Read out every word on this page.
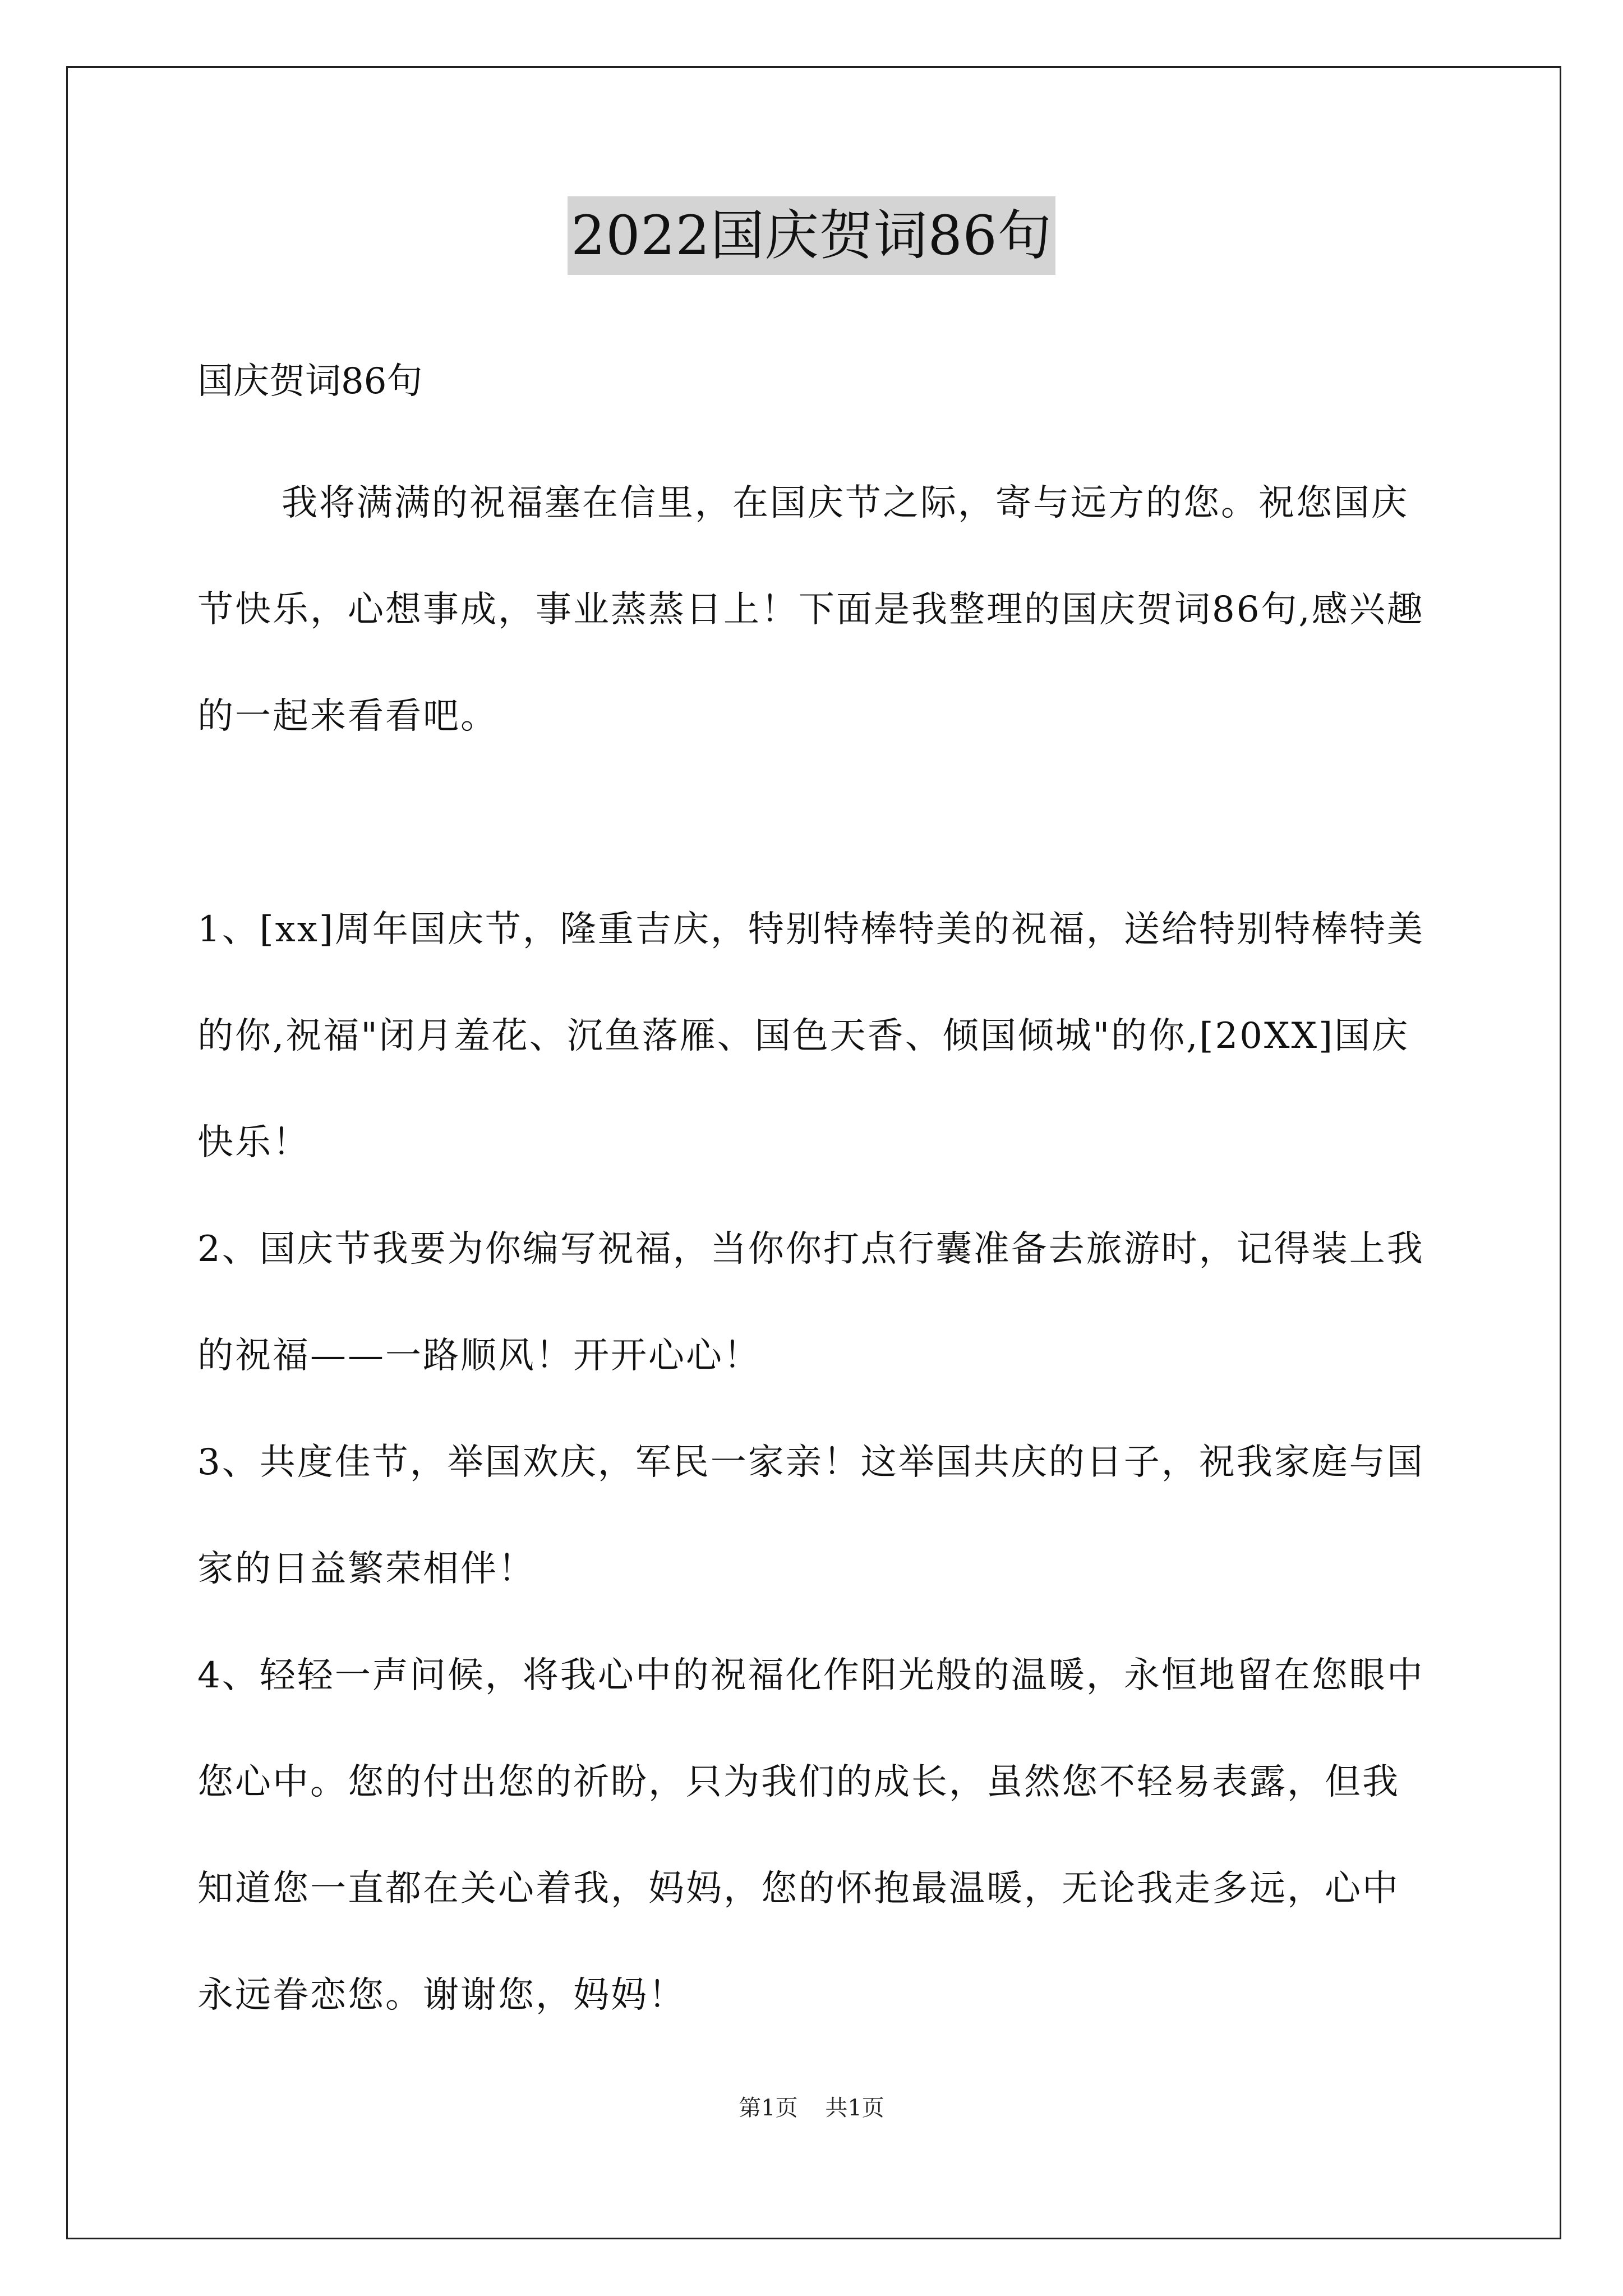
2022国庆贺词86句

国庆贺词86句

我将满满的祝福塞在信里，在国庆节之际，寄与远方的您。祝您国庆节快乐，心想事成，事业蒸蒸日上！下面是我整理的国庆贺词86句,感兴趣的一起来看看吧。

1、[xx]周年国庆节，隆重吉庆，特别特棒特美的祝福，送给特别特棒特美的你,祝福"闭月羞花、沉鱼落雁、国色天香、倾国倾城"的你,[20XX]国庆快乐！

2、国庆节我要为你编写祝福，当你你打点行囊准备去旅游时，记得装上我的祝福——一路顺风！开开心心！

3、共度佳节，举国欢庆，军民一家亲！这举国共庆的日子，祝我家庭与国家的日益繁荣相伴！

4、轻轻一声问候，将我心中的祝福化作阳光般的温暖，永恒地留在您眼中您心中。您的付出您的祈盼，只为我们的成长，虽然您不轻易表露，但我知道您一直都在关心着我，妈妈，您的怀抱最温暖，无论我走多远，心中永远眷恋您。谢谢您，妈妈！

第1页 共1页
